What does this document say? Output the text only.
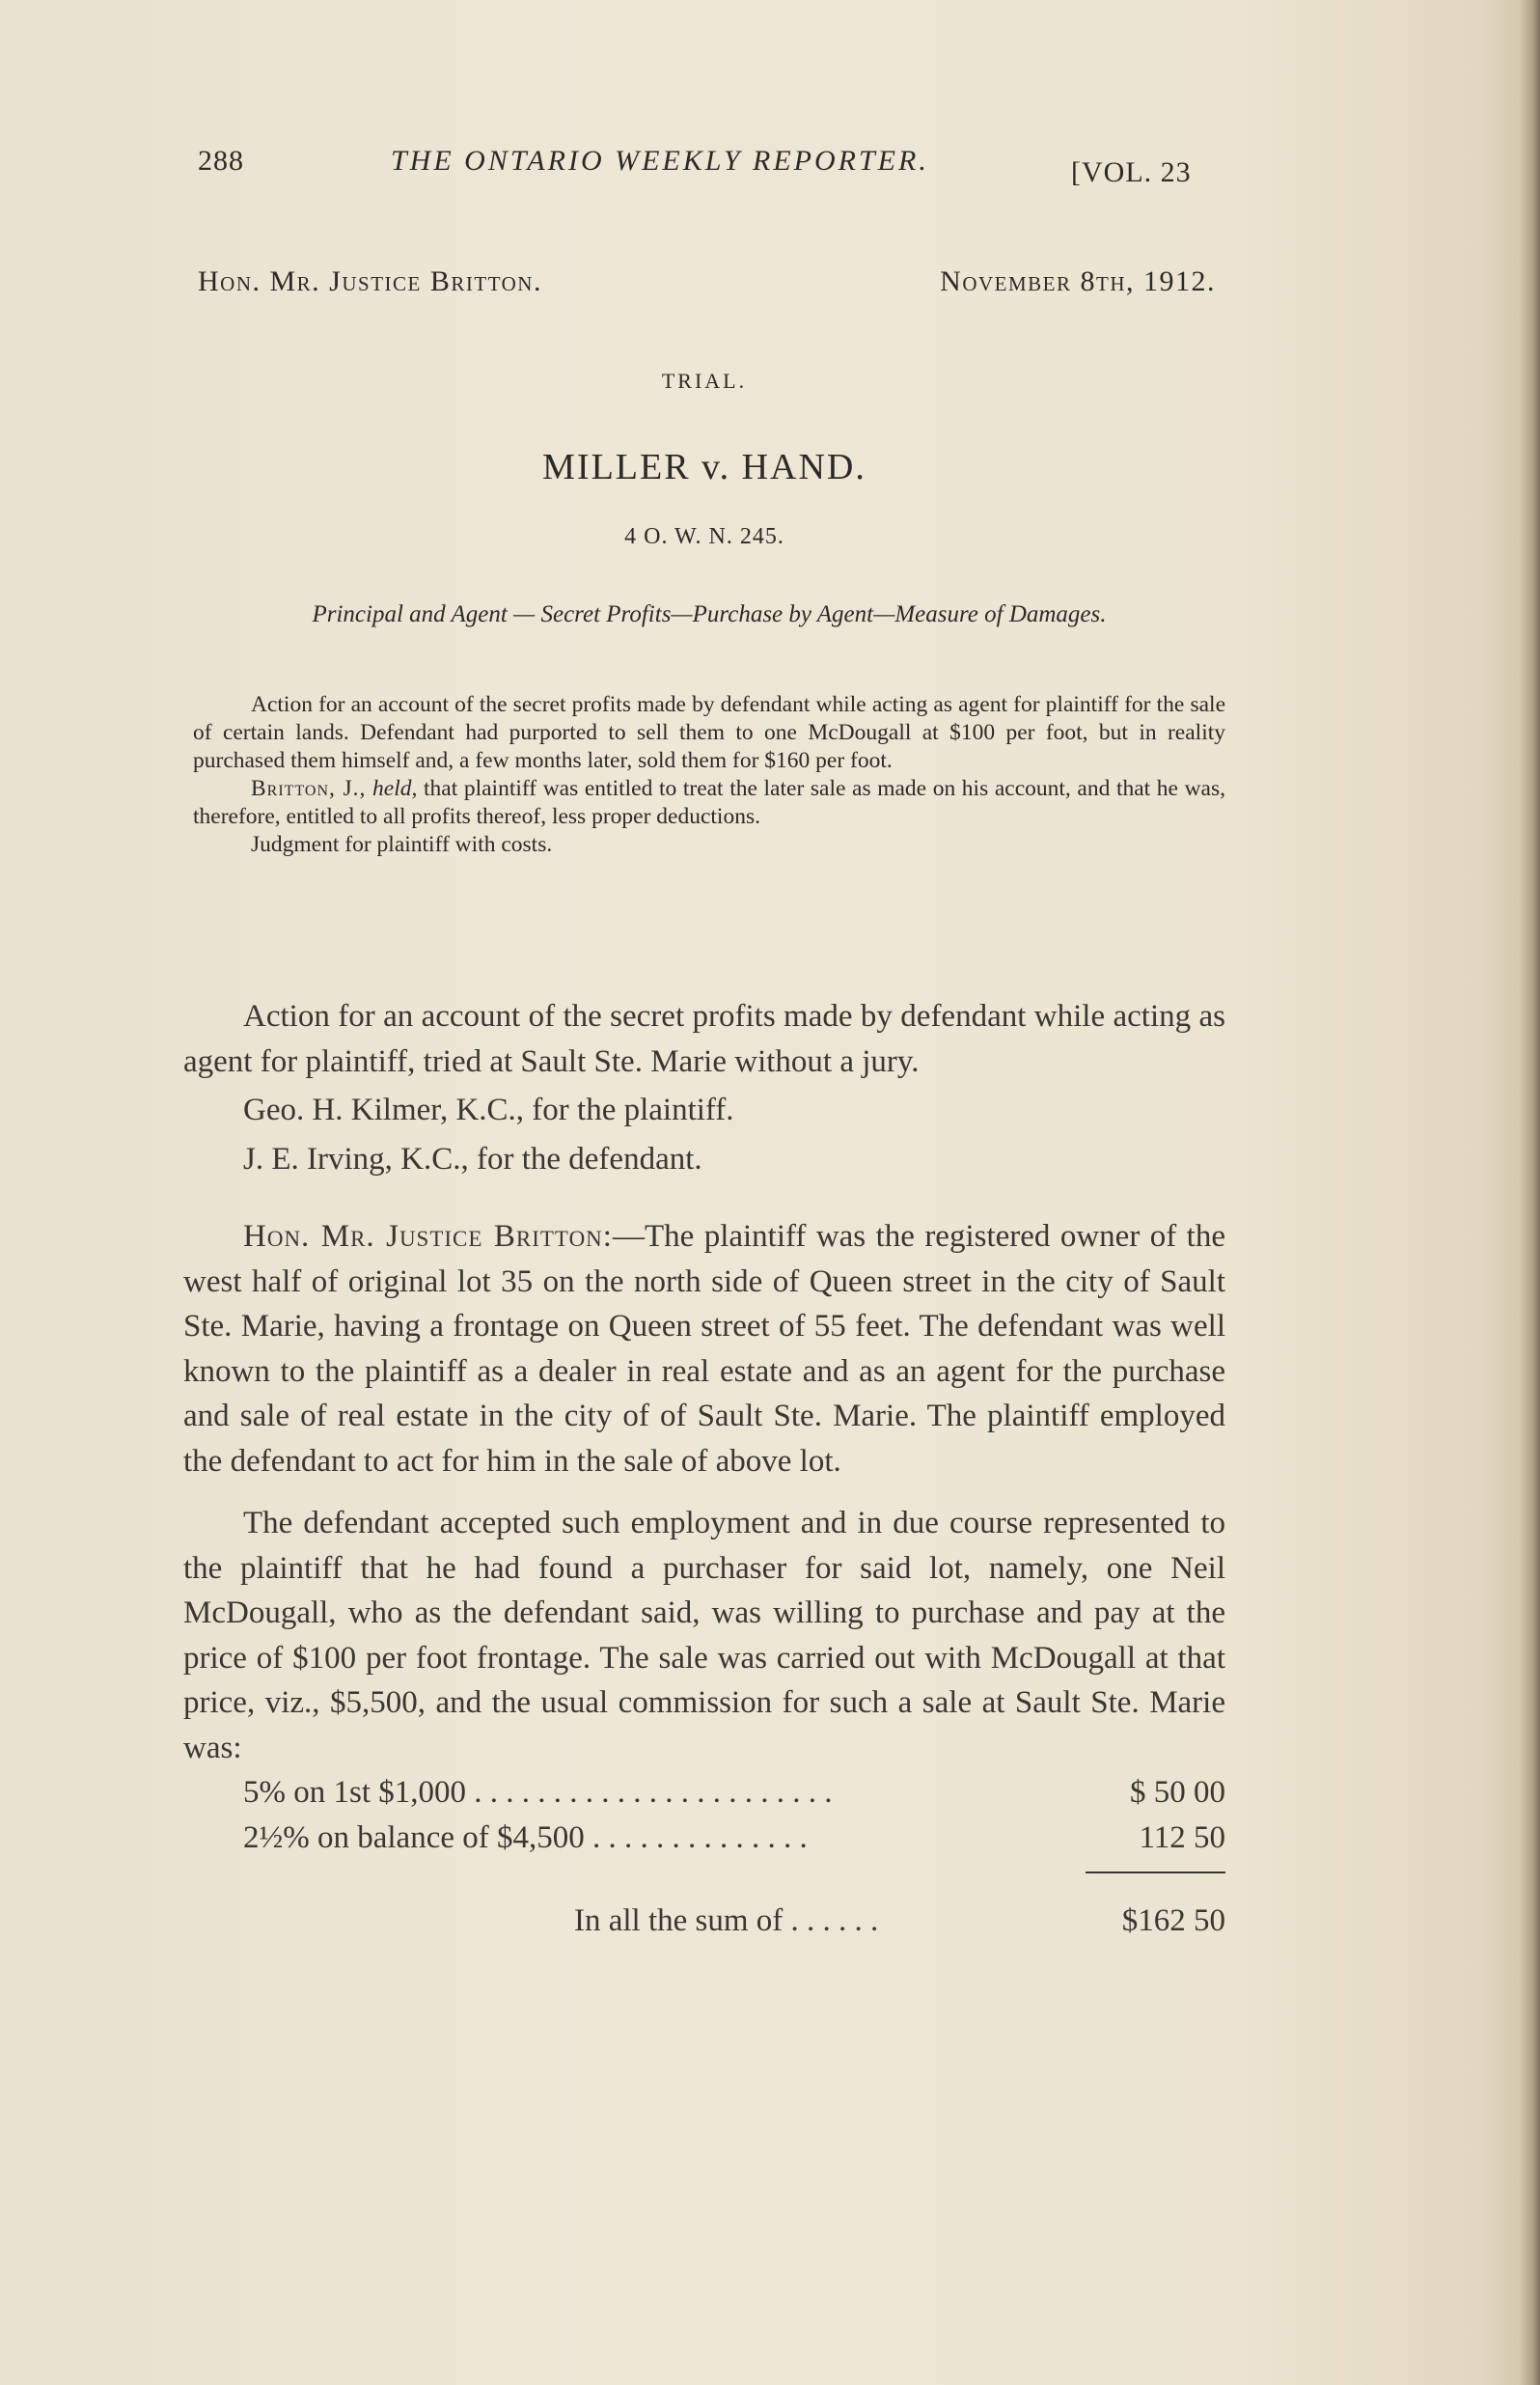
288	THE ONTARIO WEEKLY REPORTER.	[VOL. 23
Hon. Mr. Justice Britton.	November 8th, 1912.
TRIAL.
MILLER v. HAND.
4 O. W. N. 245.
Principal and Agent — Secret Profits—Purchase by Agent—Measure of Damages.

Action for an account of the secret profits made by defendant while acting as agent for plaintiff for the sale of certain lands. Defendant had purported to sell them to one McDougall at $100 per foot, but in reality purchased them himself and, a few months later, sold them for $160 per foot.

Britton, J., held, that plaintiff was entitled to treat the later sale as made on his account, and that he was, therefore, entitled to all profits thereof, less proper deductions.

Judgment for plaintiff with costs.

Action for an account of the secret profits made by defendant while acting as agent for plaintiff, tried at Sault Ste. Marie without a jury.

Geo. H. Kilmer, K.C., for the plaintiff.

J. E. Irving, K.C., for the defendant.

Hon. Mr. Justice Britton:—The plaintiff was the registered owner of the west half of original lot 35 on the north side of Queen street in the city of Sault Ste. Marie, having a frontage on Queen street of 55 feet. The defendant was well known to the plaintiff as a dealer in real estate and as an agent for the purchase and sale of real estate in the city of of Sault Ste. Marie. The plaintiff employed the defendant to act for him in the sale of above lot.

The defendant accepted such employment and in due course represented to the plaintiff that he had found a purchaser for said lot, namely, one Neil McDougall, who as the defendant said, was willing to purchase and pay at the price of $100 per foot frontage. The sale was carried out with McDougall at that price, viz., $5,500, and the usual commission for such a sale at Sault Ste. Marie was:

5% on 1st $1,000 . . . . . . . . . . . . . . . . . . . . . . .	$ 50 00
2½% on balance of $4,500 . . . . . . . . . . . . . .	112 50
In all the sum of . . . . . .	$162 50
